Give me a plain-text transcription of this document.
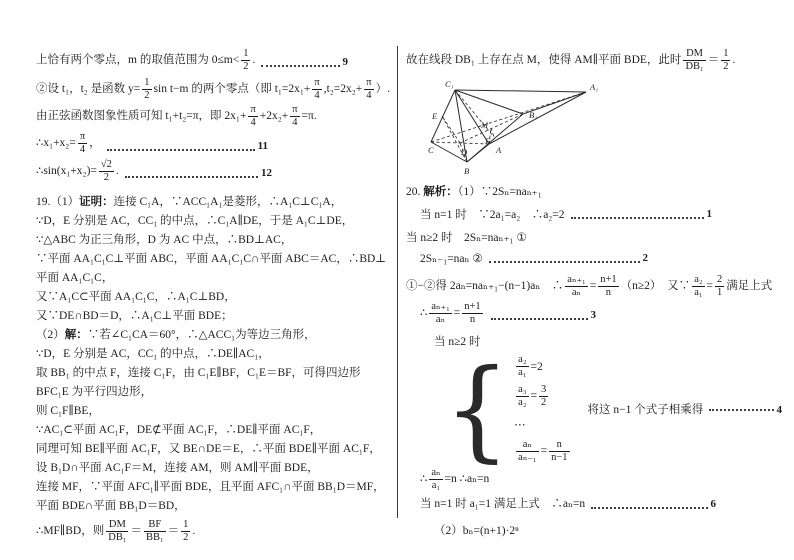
上恰有两个零点，m 的取值范围为 $0\le m< \frac{1}{2}$ .	9
②设 t₁，t₂ 是函数 $y= \frac{1}{2}$ sin t−m 的两个零点（即 $t_1=2x_1+ \frac{\pi}{4} ,t_2=2x_2+ \frac{\pi}{4}$ ）.
由正弦函数图象性质可知 t₁+t₂=π，即 $2x_1+ \frac{\pi}{4} +2x_2+ \frac{\pi}{4} =\pi$.
∴x₁+x₂= $\frac{\pi}{4}$ ，	11
∴sin(x₁+x₂)= $\frac{√2}{2}$ .	12
19.（1）证明：连接 C₁A，∵ACC₁A₁是菱形，∴A₁C⊥C₁A，
∵D，E 分别是 AC，CC₁ 的中点，∴C₁A∥DE，于是 A₁C⊥DE，
∵△ABC 为正三角形，D 为 AC 中点，∴BD⊥AC，
∵平面 AA₁C₁C⊥平面 ABC，平面 AA₁C₁C∩平面 ABC＝AC，∴BD⊥平面 AA₁C₁C，
又∵A₁C⊂平面 AA₁C₁C，∴A₁C⊥BD，
又∵DE∩BD＝D，∴A₁C⊥平面 BDE；
（2）解：∵若∠C₁CA＝60°，∴△ACC₁为等边三角形，
∵D，E 分别是 AC，CC₁ 的中点，∴DE∥AC₁，
取 BB₁ 的中点 F，连接 C₁F，由 C₁E∥BF，C₁E＝BF，可得四边形 BFC₁E 为平行四边形，
则 C₁F∥BE，
∵AC₁⊂平面 AC₁F，DE⊄平面 AC₁F，∴DE∥平面 AC₁F，
同理可知 BE∥平面 AC₁F，又 BE∩DE＝E，∴平面 BDE∥平面 AC₁F，
设 B₁D∩平面 AC₁F＝M，连接 AM，则 AM∥平面 BDE，
连接 MF，∵平面 AFC₁∥平面 BDE，且平面 AFC₁∩平面 BB₁D＝MF，平面 BDE∩平面 BB₁D＝BD，
∴MF∥BD，则 $\frac{DM}{\text{DB₁}} = \frac{BF}{\text{BB₁}} = \frac{1}{2}$ .
故在线段 DB₁ 上存在点 M，使得 AM∥平面 BDE，此时 $\frac{DM}{\text{DB₁}} = \frac{1}{2}$ .
C₁	A₁
B₁
E
C	D	A
B
M
F
20. 解析：（1）∵2Sₙ=naₙ₊₁
当 n=1 时　∵2a₁=a₂　∴a₂=2	1
当 n≥2 时　2Sₙ=naₙ₊₁ ①
2Sₙ₋₁=naₙ ②	2
①−②得 2aₙ=naₙ₊₁−(n−1)aₙ　∴ $\frac{\text{aₙ₊₁}}{\text{aₙ}} = \frac{n+1}{n} (n\ge 2)$　又∵ $\frac{\text{a₂}}{\text{a₁}} = \frac{2}{1}$ 满足上式
∴ $\frac{\text{aₙ₊₁}}{\text{aₙ}} = \frac{n+1}{n}$	3
当 n≥2 时
{ $\frac{\text{a₂}}{\text{a₁}} =2$
$\frac{\text{a₃}}{\text{a₂}} = \frac{3}{2}$
⋯
$\frac{\text{aₙ}}{\text{aₙ₋₁}} = \frac{n}{n-1}$
将这 n−1 个式子相乘得	4
∴ $\frac{\text{aₙ}}{\text{a₁}} =n$ ∴aₙ=n
当 n=1 时 a₁=1 满足上式　∴aₙ=n	6
（2）bₙ=(n+1)·2ⁿ
